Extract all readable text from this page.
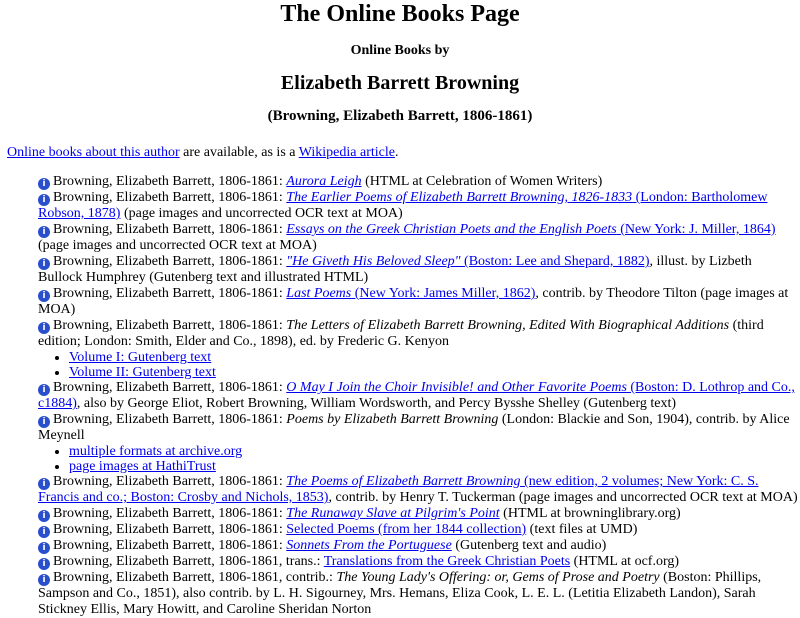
The Online Books Page
Online Books by
Elizabeth Barrett Browning
(Browning, Elizabeth Barrett, 1806-1861)
Online books about this author are available, as is a Wikipedia article.
i Browning, Elizabeth Barrett, 1806-1861: Aurora Leigh (HTML at Celebration of Women Writers)
i Browning, Elizabeth Barrett, 1806-1861: The Earlier Poems of Elizabeth Barrett Browning, 1826-1833 (London: Bartholomew Robson, 1878) (page images and uncorrected OCR text at MOA)
i Browning, Elizabeth Barrett, 1806-1861: Essays on the Greek Christian Poets and the English Poets (New York: J. Miller, 1864) (page images and uncorrected OCR text at MOA)
i Browning, Elizabeth Barrett, 1806-1861: "He Giveth His Beloved Sleep" (Boston: Lee and Shepard, 1882), illust. by Lizbeth Bullock Humphrey (Gutenberg text and illustrated HTML)
i Browning, Elizabeth Barrett, 1806-1861: Last Poems (New York: James Miller, 1862), contrib. by Theodore Tilton (page images at MOA)
i Browning, Elizabeth Barrett, 1806-1861: The Letters of Elizabeth Barrett Browning, Edited With Biographical Additions (third edition; London: Smith, Elder and Co., 1898), ed. by Frederic G. Kenyon
• Volume I: Gutenberg text
• Volume II: Gutenberg text
i Browning, Elizabeth Barrett, 1806-1861: O May I Join the Choir Invisible! and Other Favorite Poems (Boston: D. Lothrop and Co., c1884), also by George Eliot, Robert Browning, William Wordsworth, and Percy Bysshe Shelley (Gutenberg text)
i Browning, Elizabeth Barrett, 1806-1861: Poems by Elizabeth Barrett Browning (London: Blackie and Son, 1904), contrib. by Alice Meynell
• multiple formats at archive.org
• page images at HathiTrust
i Browning, Elizabeth Barrett, 1806-1861: The Poems of Elizabeth Barrett Browning (new edition, 2 volumes; New York: C. S. Francis and co.; Boston: Crosby and Nichols, 1853), contrib. by Henry T. Tuckerman (page images and uncorrected OCR text at MOA)
i Browning, Elizabeth Barrett, 1806-1861: The Runaway Slave at Pilgrim's Point (HTML at browninglibrary.org)
i Browning, Elizabeth Barrett, 1806-1861: Selected Poems (from her 1844 collection) (text files at UMD)
i Browning, Elizabeth Barrett, 1806-1861: Sonnets From the Portuguese (Gutenberg text and audio)
i Browning, Elizabeth Barrett, 1806-1861, trans.: Translations from the Greek Christian Poets (HTML at ocf.org)
i Browning, Elizabeth Barrett, 1806-1861, contrib.: The Young Lady's Offering: or, Gems of Prose and Poetry (Boston: Phillips, Sampson and Co., 1851), also contrib. by L. H. Sigourney, Mrs. Hemans, Eliza Cook, L. E. L. (Letitia Elizabeth Landon), Sarah Stickney Ellis, Mary Howitt, and Caroline Sheridan Norton
